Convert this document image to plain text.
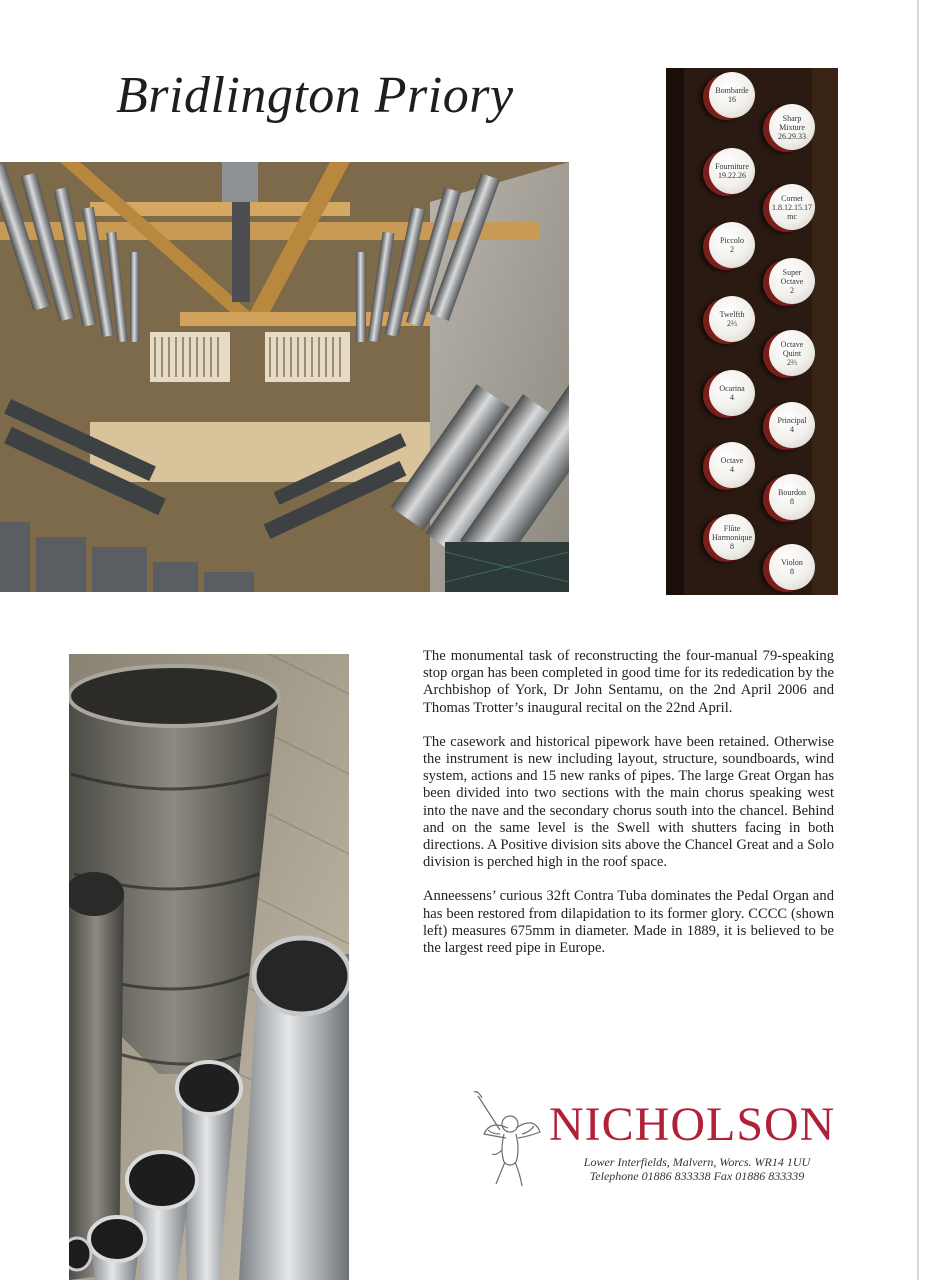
Bridlington Priory	Bombarde
16
Sharp
Mixture
26.29.33
Fourniture
19.22.26
Cornet
1.8.12.15.17
mc
Piccolo
2
Super
Octave
2
Twelfth
2⅔
Octave
Quint
2⅔
Ocarina
4
Principal
4
Octave
4
Bourdon
8
Flûte
Harmonique
8
Violon
8

The monumental task of reconstructing the four-manual 79-speaking stop organ has been completed in good time for its rededication by the Archbishop of York, Dr John Sentamu, on the 2nd April 2006 and Thomas Trotter’s inaugural recital on the 22nd April.

The casework and historical pipework have been retained. Otherwise the instrument is new including layout, structure, soundboards, wind system, actions and 15 new ranks of pipes. The large Great Organ has been divided into two sections with the main chorus speaking west into the nave and the secondary chorus south into the chancel. Behind and on the same level is the Swell with shutters facing in both directions. A Positive division sits above the Chancel Great and a Solo division is perched high in the roof space.

Anneessens’ curious 32ft Contra Tuba dominates the Pedal Organ and has been restored from dilapidation to its former glory. CCCC (shown left) measures 675mm in diameter. Made in 1889, it is believed to be the largest reed pipe in Europe.

NICHOLSON
Lower Interfields, Malvern, Worcs. WR14 1UU
Telephone 01886 833338 Fax 01886 833339
